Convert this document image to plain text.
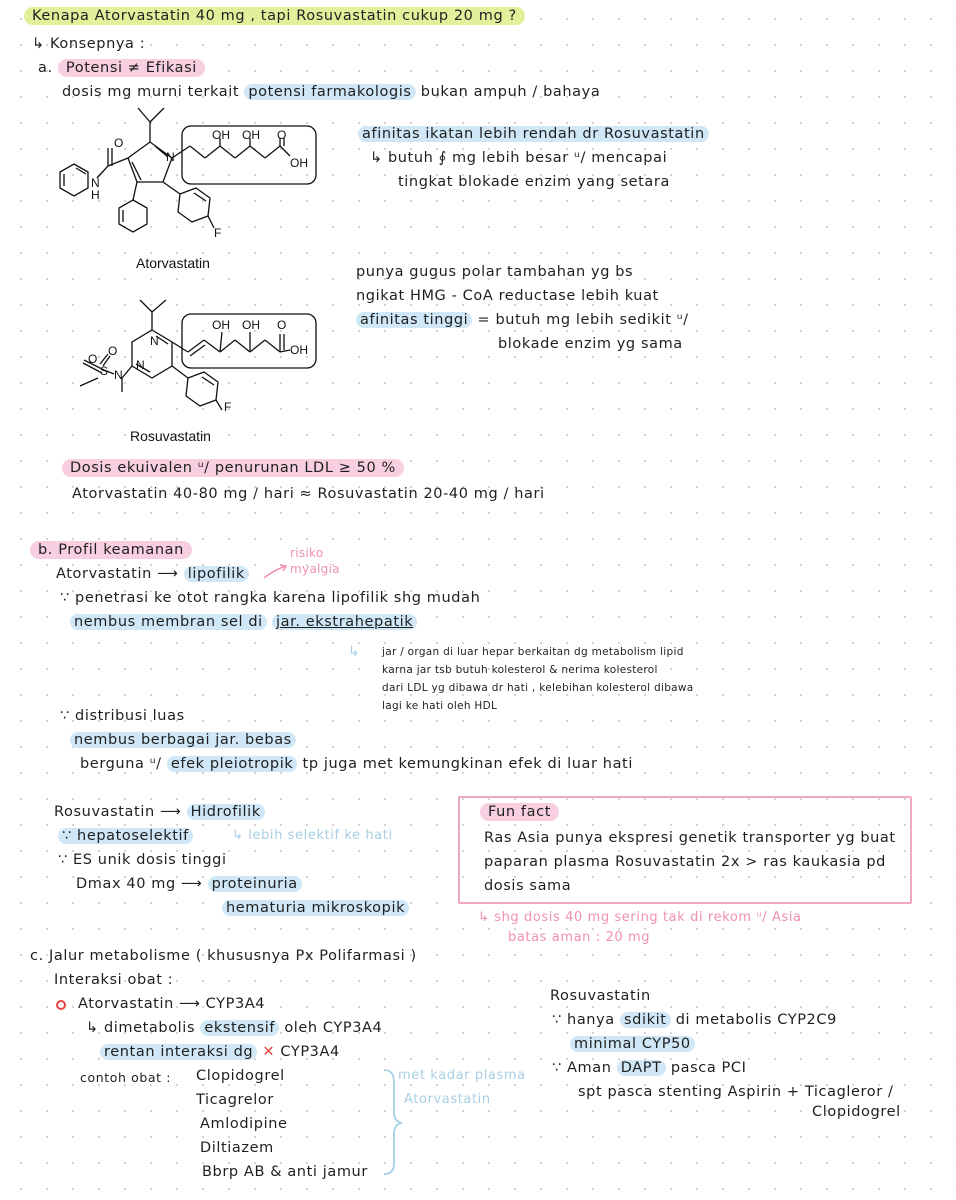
Kenapa Atorvastatin 40 mg , tapi Rosuvastatin cukup 20 mg ?
↳ Konsepnya :
a. Potensi ≠ Efikasi
dosis mg murni terkait potensi farmakologis bukan ampuh / bahaya
O
N
H
N
OH OH O
OH
F
Atorvastatin
afinitas ikatan lebih rendah dr Rosuvastatin
↳ butuh ∮ mg lebih besar ᵘ/ mencapai
tingkat blokade enzim yang setara
O
O
S N
N
N
OH OH O
OH
F
Rosuvastatin
punya gugus polar tambahan yg bs
ngikat HMG - CoA reductase lebih kuat
afinitas tinggi = butuh mg lebih sedikit ᵘ/
blokade enzim yg sama
Dosis ekuivalen ᵘ/ penurunan LDL ≥ 50 %
Atorvastatin 40-80 mg / hari ≈ Rosuvastatin 20-40 mg / hari
b. Profil keamanan
Atorvastatin ⟶ lipofilik
risiko
myalgia
∵ penetrasi ke otot rangka karena lipofilik shg mudah
nembus membran sel di jar. ekstrahepatik
↳ jar / organ di luar hepar berkaitan dg metabolism lipid
karna jar tsb butuh kolesterol & nerima kolesterol
dari LDL yg dibawa dr hati , kelebihan kolesterol dibawa
lagi ke hati oleh HDL
∵ distribusi luas
nembus berbagai jar. bebas
berguna ᵘ/ efek pleiotropik tp juga met kemungkinan efek di luar hati
Rosuvastatin ⟶ Hidrofilik
∵ hepatoselektif	↳ lebih selektif ke hati
∵ ES unik dosis tinggi
Dmax 40 mg ⟶ proteinuria
hematuria mikroskopik
Fun fact
Ras Asia punya ekspresi genetik transporter yg buat
paparan plasma Rosuvastatin 2x > ras kaukasia pd
dosis sama
↳ shg dosis 40 mg sering tak di rekom ᵘ/ Asia
batas aman : 20 mg
c. Jalur metabolisme ( khususnya Px Polifarmasi )
Interaksi obat :
Atorvastatin ⟶ CYP3A4
↳ dimetabolis ekstensif oleh CYP3A4
rentan interaksi dg ✕ CYP3A4
contoh obat : Clopidogrel
Ticagrelor
Amlodipine
Diltiazem
Bbrp AB & anti jamur
met kadar plasma
Atorvastatin
Rosuvastatin
∵ hanya sdikit di metabolis CYP2C9
minimal CYP50
∵ Aman DAPT pasca PCI
spt pasca stenting Aspirin + Ticagleror /
Clopidogrel
